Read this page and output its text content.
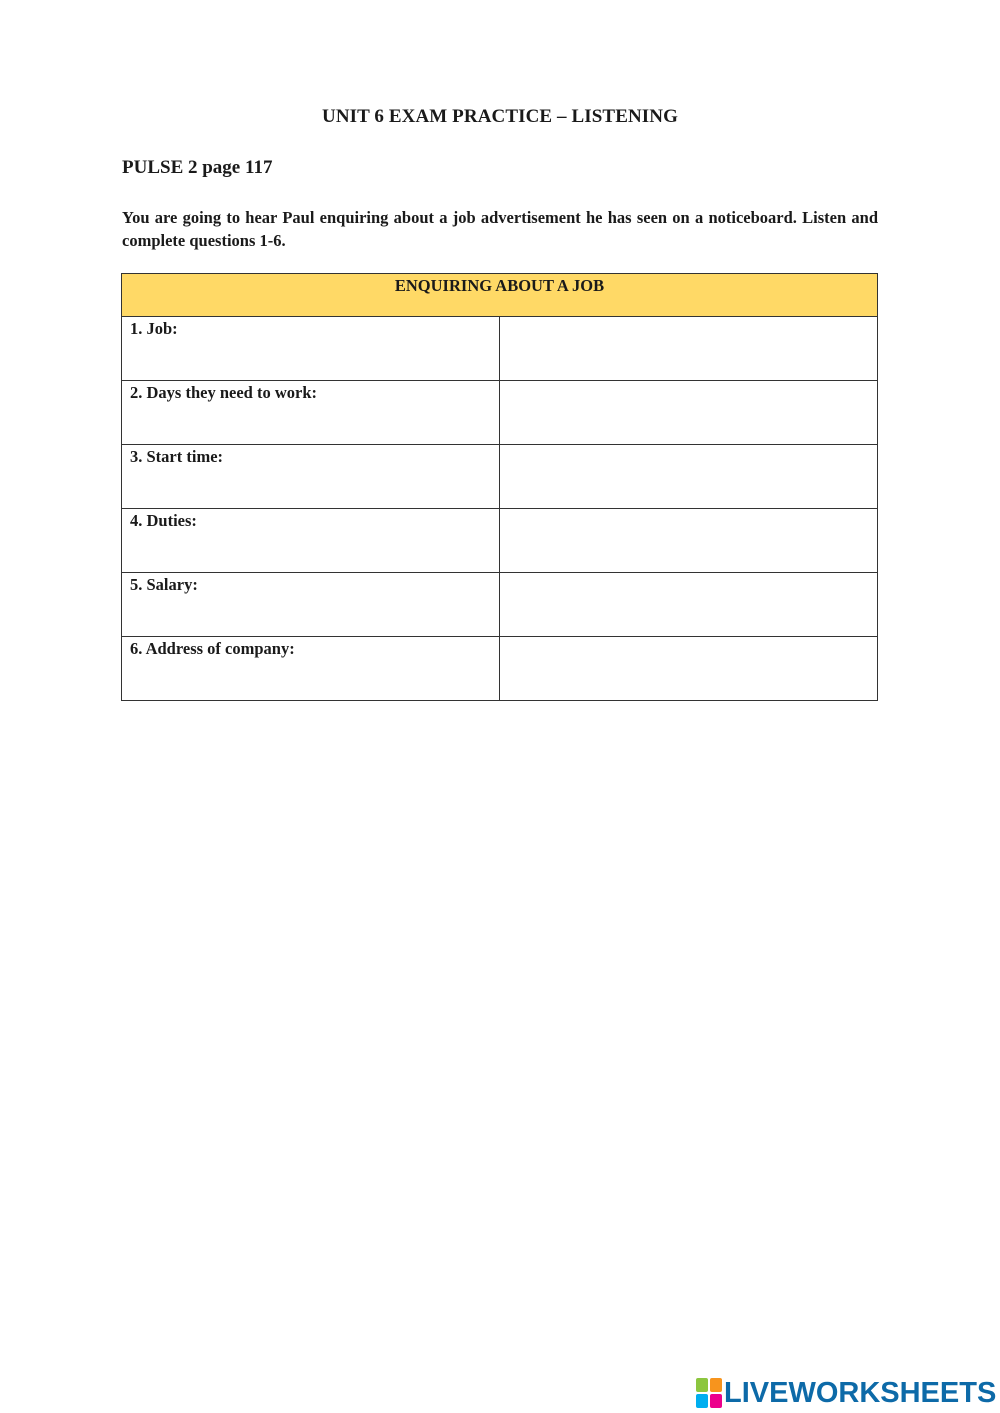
UNIT 6 EXAM PRACTICE – LISTENING
PULSE 2 page 117
You are going to hear Paul enquiring about a job advertisement he has seen on a noticeboard. Listen and complete questions 1-6.
ENQUIRING ABOUT A JOB	
1. Job:	
2. Days they need to work:	
3. Start time:	
4. Duties:	
5. Salary:	
6. Address of company:	
LIVEWORKSHEETS
